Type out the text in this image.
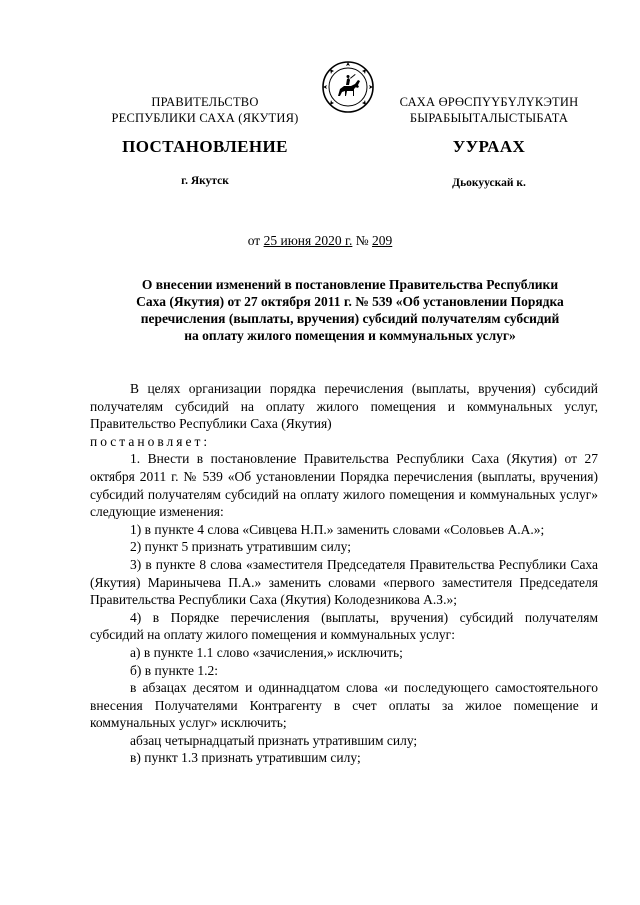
ПРАВИТЕЛЬСТВО
РЕСПУБЛИКИ САХА (ЯКУТИЯ)
САХА ӨРӨСПҮҮБҮЛҮКЭТИН
БЫРАБЫЫТАЛЫСТЫБАТА
ПОСТАНОВЛЕНИЕ	УУРААХ
г. Якутск	Дьокуускай к.
от 25 июня 2020 г. № 209
О внесении изменений в постановление Правительства Республики
Саха (Якутия) от 27 октября 2011 г. № 539 «Об установлении Порядка
перечисления (выплаты, вручения) субсидий получателям субсидий
на оплату жилого помещения и коммунальных услуг»

В целях организации порядка перечисления (выплаты, вручения) субсидий получателям субсидий на оплату жилого помещения и коммунальных услуг, Правительство Республики Саха (Якутия)

постановляет:

1. Внести в постановление Правительства Республики Саха (Якутия) от 27 октября 2011 г. № 539 «Об установлении Порядка перечисления (выплаты, вручения) субсидий получателям субсидий на оплату жилого помещения и коммунальных услуг» следующие изменения:

1) в пункте 4 слова «Сивцева Н.П.» заменить словами «Соловьев А.А.»;

2) пункт 5 признать утратившим силу;

3) в пункте 8 слова «заместителя Председателя Правительства Республики Саха (Якутия) Маринычева П.А.» заменить словами «первого заместителя Председателя Правительства Республики Саха (Якутия) Колодезникова А.З.»;

4) в Порядке перечисления (выплаты, вручения) субсидий получателям субсидий на оплату жилого помещения и коммунальных услуг:

а) в пункте 1.1 слово «зачисления,» исключить;

б) в пункте 1.2:

в абзацах десятом и одиннадцатом слова «и последующего самостоятельного внесения Получателями Контрагенту в счет оплаты за жилое помещение и коммунальных услуг» исключить;

абзац четырнадцатый признать утратившим силу;

в) пункт 1.3 признать утратившим силу;
